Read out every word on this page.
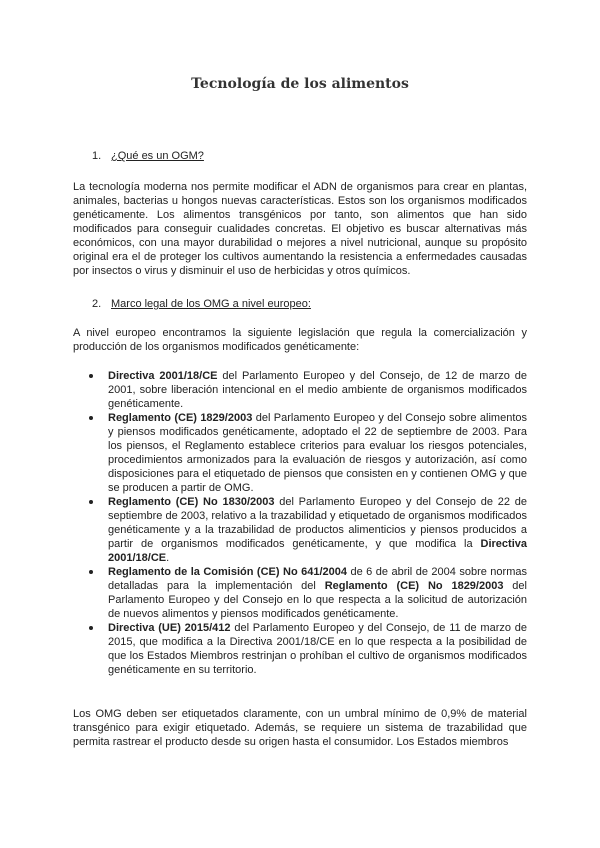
Tecnología de los alimentos
1. ¿Qué es un OGM?

La tecnología moderna nos permite modificar el ADN de organismos para crear en plantas, animales, bacterias u hongos nuevas características. Estos son los organismos modificados genéticamente. Los alimentos transgénicos por tanto, son alimentos que han sido modificados para conseguir cualidades concretas. El objetivo es buscar alternativas más económicos, con una mayor durabilidad o mejores a nivel nutricional, aunque su propósito original era el de proteger los cultivos aumentando la resistencia a enfermedades causadas por insectos o virus y disminuir el uso de herbicidas y otros químicos.

2. Marco legal de los OMG a nivel europeo:

A nivel europeo encontramos la siguiente legislación que regula la comercialización y producción de los organismos modificados genéticamente:

Directiva 2001/18/CE del Parlamento Europeo y del Consejo, de 12 de marzo de 2001, sobre liberación intencional en el medio ambiente de organismos modificados genéticamente.
Reglamento (CE) 1829/2003 del Parlamento Europeo y del Consejo sobre alimentos y piensos modificados genéticamente, adoptado el 22 de septiembre de 2003. Para los piensos, el Reglamento establece criterios para evaluar los riesgos potenciales, procedimientos armonizados para la evaluación de riesgos y autorización, así como disposiciones para el etiquetado de piensos que consisten en y contienen OMG y que se producen a partir de OMG.
Reglamento (CE) No 1830/2003 del Parlamento Europeo y del Consejo de 22 de septiembre de 2003, relativo a la trazabilidad y etiquetado de organismos modificados genéticamente y a la trazabilidad de productos alimenticios y piensos producidos a partir de organismos modificados genéticamente, y que modifica la Directiva 2001/18/CE.
Reglamento de la Comisión (CE) No 641/2004 de 6 de abril de 2004 sobre normas detalladas para la implementación del Reglamento (CE) No 1829/2003 del Parlamento Europeo y del Consejo en lo que respecta a la solicitud de autorización de nuevos alimentos y piensos modificados genéticamente.
Directiva (UE) 2015/412 del Parlamento Europeo y del Consejo, de 11 de marzo de 2015, que modifica a la Directiva 2001/18/CE en lo que respecta a la posibilidad de que los Estados Miembros restrinjan o prohíban el cultivo de organismos modificados genéticamente en su territorio.

Los OMG deben ser etiquetados claramente, con un umbral mínimo de 0,9% de material transgénico para exigir etiquetado. Además, se requiere un sistema de trazabilidad que permita rastrear el producto desde su origen hasta el consumidor. Los Estados miembros
